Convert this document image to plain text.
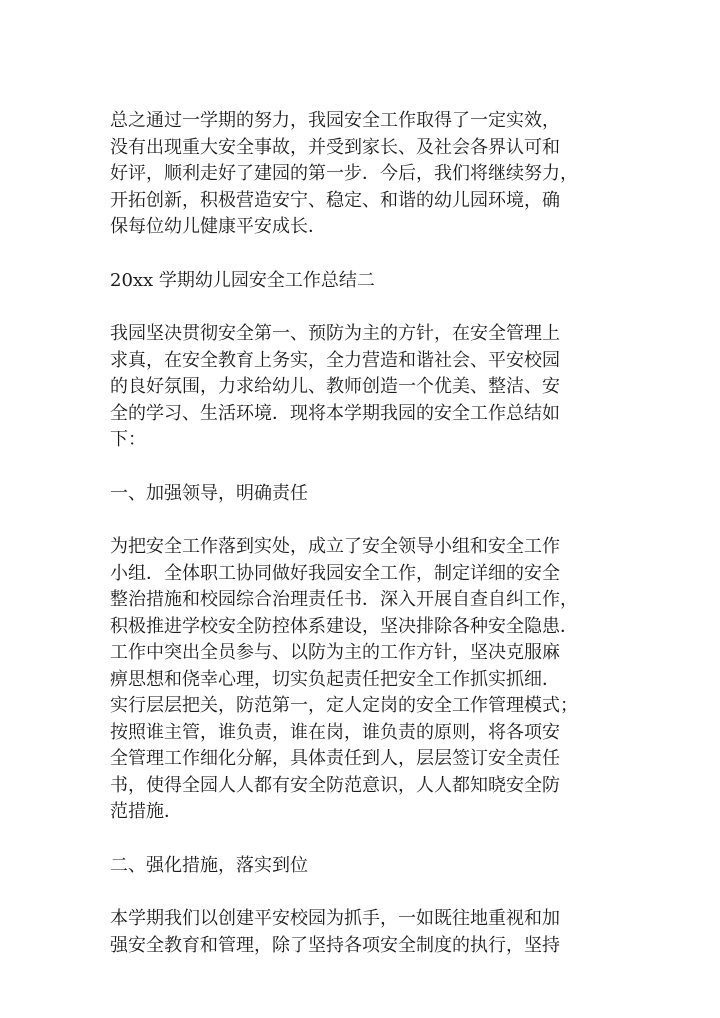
总之通过一学期的努力，我园安全工作取得了一定实效，
没有出现重大安全事故，并受到家长、及社会各界认可和
好评，顺利走好了建园的第一步．今后，我们将继续努力，
开拓创新，积极营造安宁、稳定、和谐的幼儿园环境，确
保每位幼儿健康平安成长．

20xx 学期幼儿园安全工作总结二

我园坚决贯彻安全第一、预防为主的方针，在安全管理上
求真，在安全教育上务实，全力营造和谐社会、平安校园
的良好氛围，力求给幼儿、教师创造一个优美、整洁、安
全的学习、生活环境．现将本学期我园的安全工作总结如
下：

一、加强领导，明确责任

为把安全工作落到实处，成立了安全领导小组和安全工作
小组．全体职工协同做好我园安全工作，制定详细的安全
整治措施和校园综合治理责任书．深入开展自查自纠工作，
积极推进学校安全防控体系建设，坚决排除各种安全隐患．
工作中突出全员参与、以防为主的工作方针，坚决克服麻
痹思想和侥幸心理，切实负起责任把安全工作抓实抓细．
实行层层把关，防范第一，定人定岗的安全工作管理模式；
按照谁主管，谁负责，谁在岗，谁负责的原则，将各项安
全管理工作细化分解，具体责任到人，层层签订安全责任
书，使得全园人人都有安全防范意识，人人都知晓安全防
范措施．

二、强化措施，落实到位

本学期我们以创建平安校园为抓手，一如既往地重视和加
强安全教育和管理，除了坚持各项安全制度的执行，坚持
